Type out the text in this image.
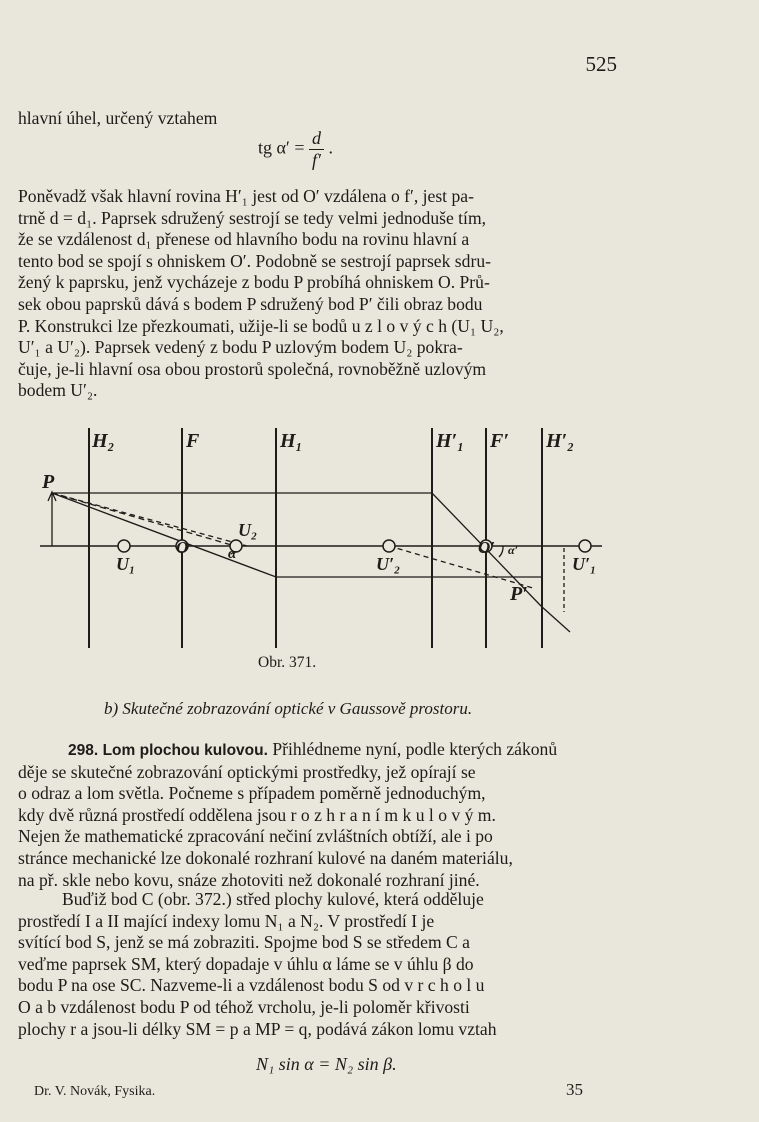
525
hlavní úhel, určený vztahem
tg $\alpha' = \frac{d}{f'}$ .
Poněvadž však hlavní rovina H′₁ jest od O′ vzdálena o f′, jest pa-
trně d = d₁. Paprsek sdružený sestrojí se tedy velmi jednoduše tím,
že se vzdálenost d₁ přenese od hlavního bodu na rovinu hlavní a
tento bod se spojí s ohniskem O′. Podobně se sestrojí paprsek sdru-
žený k paprsku, jenž vycházeje z bodu P probíhá ohniskem O. Prů-
sek obou paprsků dává s bodem P sdružený bod P′ čili obraz bodu
P. Konstrukci lze přezkoumati, užije-li se bodů u z l o v ý c h (U₁ U₂,
U′₁ a U′₂). Paprsek vedený z bodu P uzlovým bodem U₂ pokra-
čuje, je-li hlavní osa obou prostorů společná, rovnoběžně uzlovým
bodem U′₂.
H₂	F	H₁	H′₁ F′ H′₂
P
U₁
O
U₂
α	U′₂
O′ α′
U′₁
P′
Obr. 371.
b) Skutečné zobrazování optické v Gaussově prostoru.
298. Lom plochou kulovou. Přihlédneme nyní, podle kterých zákonů
děje se skutečné zobrazování optickými prostředky, jež opírají se
o odraz a lom světla. Počneme s případem poměrně jednoduchým,
kdy dvě různá prostředí oddělena jsou r o z h r a n í m k u l o v ý m.
Nejen že mathematické zpracování nečiní zvláštních obtíží, ale i po
stránce mechanické lze dokonalé rozhraní kulové na daném materiálu,
na př. skle nebo kovu, snáze zhotoviti než dokonalé rozhraní jiné.
Buďiž bod C (obr. 372.) střed plochy kulové, která odděluje
prostředí I a II mající indexy lomu N₁ a N₂. V prostředí I je
svítící bod S, jenž se má zobraziti. Spojme bod S se středem C a
veďme paprsek SM, který dopadaje v úhlu α láme se v úhlu β do
bodu P na ose SC. Nazveme-li a vzdálenost bodu S od v r c h o l u
O a b vzdálenost bodu P od téhož vrcholu, je-li poloměr křivosti
plochy r a jsou-li délky SM = p a MP = q, podává zákon lomu vztah
N₁ sin α = N₂ sin β.
Dr. V. Novák, Fysika.	35
